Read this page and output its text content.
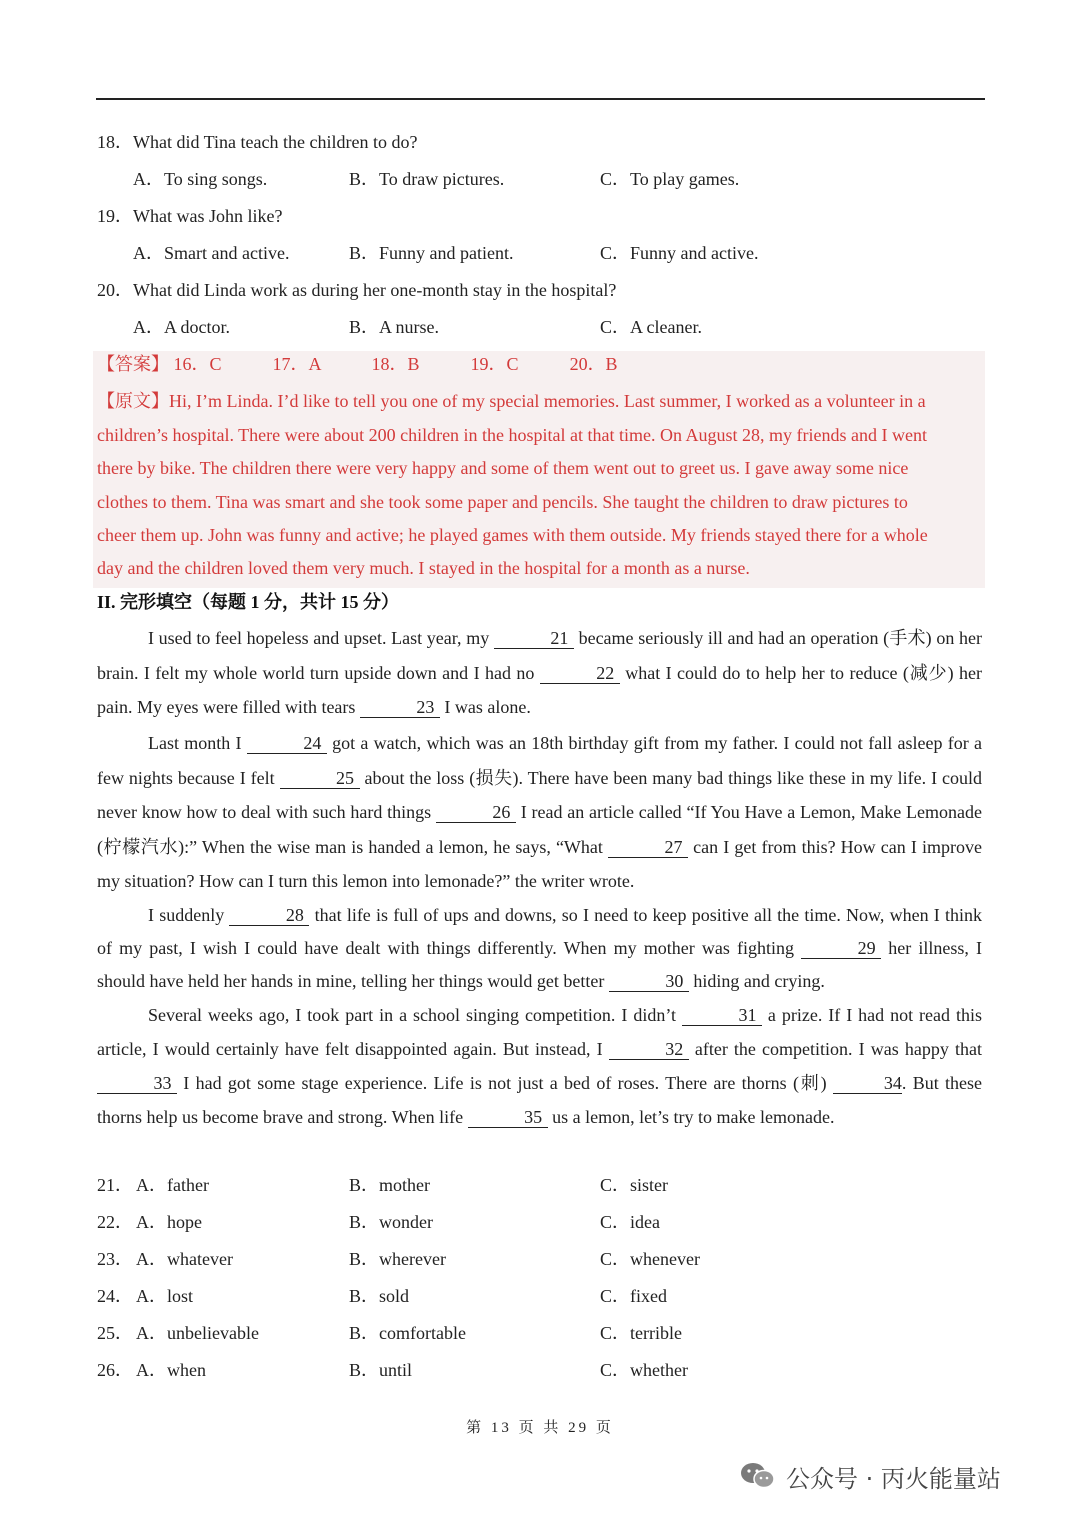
18．What did Tina teach the children to do?
A．To sing songs.	B．To draw pictures.	C．To play games.
19．What was John like?
A．Smart and active.	B．Funny and patient.	C．Funny and active.
20．What did Linda work as during her one-month stay in the hospital?
A．A doctor.	B．A nurse.	C．A cleaner.
【答案】 16．C	17．A	18．B	19．C	20．B
【原文】Hi, I’m Linda. I’d like to tell you one of my special memories. Last summer, I worked as a volunteer in a
children’s hospital. There were about 200 children in the hospital at that time. On August 28, my friends and I went
there by bike. The children there were very happy and some of them went out to greet us. I gave away some nice
clothes to them. Tina was smart and she took some paper and pencils. She taught the children to draw pictures to
cheer them up. John was funny and active; he played games with them outside. My friends stayed there for a whole
day and the children loved them very much. I stayed in the hospital for a month as a nurse.
II. 完形填空（每题 1 分，共计 15 分）
I used to feel hopeless and upset. Last year, my	21 became seriously ill and had an operation (手术) on her brain. I felt my whole world turn upside down and I had no	22 what I could do to help her to reduce (减少) her pain. My eyes were filled with tears	23 I was alone.
Last month I	24 got a watch, which was an 18th birthday gift from my father. I could not fall asleep for a few nights because I felt	25 about the loss (损失). There have been many bad things like these in my life. I could never know how to deal with such hard things	26 I read an article called “If You Have a Lemon, Make Lemonade (柠檬汽水):” When the wise man is handed a lemon, he says, “What	27 can I get from this? How can I improve my situation? How can I turn this lemon into lemonade?” the writer wrote.
I suddenly	28 that life is full of ups and downs, so I need to keep positive all the time. Now, when I think of my past, I wish I could have dealt with things differently. When my mother was fighting	29 her illness, I should have held her hands in mine, telling her things would get better	30 hiding and crying.
Several weeks ago, I took part in a school singing competition. I didn’t	31 a prize. If I had not read this article, I would certainly have felt disappointed again. But instead, I	32 after the competition. I was happy that 33 I had got some stage experience. Life is not just a bed of roses. There are thorns (刺)	34. But these thorns help us become brave and strong. When life	35 us a lemon, let’s try to make lemonade.
21． A．father	B．mother	C．sister
22． A．hope	B．wonder	C．idea
23． A．whatever	B．wherever	C．whenever
24． A．lost	B．sold	C．fixed
25． A．unbelievable	B．comfortable	C．terrible
26． A．when	B．until	C．whether
第 13 页 共 29 页
公众号 · 丙火能量站
